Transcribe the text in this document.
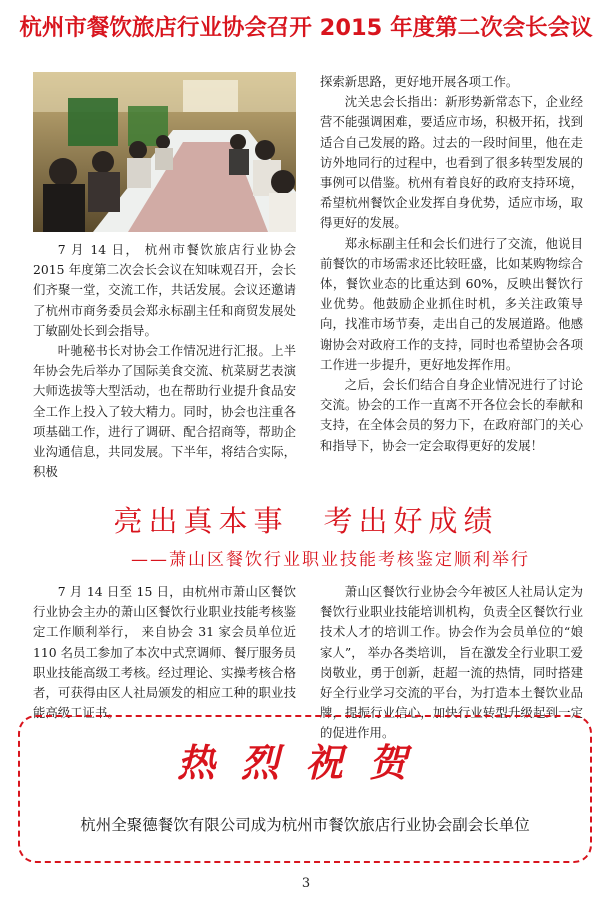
杭州市餐饮旅店行业协会召开 2015 年度第二次会长会议

7 月 14 日， 杭州市餐饮旅店行业协会 2015 年度第二次会长会议在知味观召开，会长们齐聚一堂，交流工作，共话发展。会议还邀请了杭州市商务委员会郑永标副主任和商贸发展处丁敏副处长到会指导。

叶驰秘书长对协会工作情况进行汇报。上半年协会先后举办了国际美食交流、杭菜厨艺表演大师选拔等大型活动，也在帮助行业提升食品安全工作上投入了较大精力。同时，协会也注重各项基础工作，进行了调研、配合招商等，帮助企业沟通信息，共同发展。下半年，将结合实际，积极

探索新思路，更好地开展各项工作。

沈关忠会长指出：新形势新常态下，企业经营不能强调困难，要适应市场，积极开拓，找到适合自己发展的路。过去的一段时间里，他在走访外地同行的过程中，也看到了很多转型发展的事例可以借鉴。杭州有着良好的政府支持环境，希望杭州餐饮企业发挥自身优势，适应市场，取得更好的发展。

郑永标副主任和会长们进行了交流，他说目前餐饮的市场需求还比较旺盛，比如某购物综合体，餐饮业态的比重达到 60%，反映出餐饮行业优势。他鼓励企业抓住时机，多关注政策导向，找准市场节奏，走出自己的发展道路。他感谢协会对政府工作的支持，同时也希望协会各项工作进一步提升，更好地发挥作用。

之后，会长们结合自身企业情况进行了讨论交流。协会的工作一直离不开各位会长的奉献和支持，在全体会员的努力下，在政府部门的关心和指导下，协会一定会取得更好的发展！

亮出真本事　考出好成绩
——萧山区餐饮行业职业技能考核鉴定顺利举行

7 月 14 日至 15 日，由杭州市萧山区餐饮行业协会主办的萧山区餐饮行业职业技能考核鉴定工作顺利举行， 来自协会 31 家会员单位近 110 名员工参加了本次中式烹调师、餐厅服务员职业技能高级工考核。经过理论、实操考核合格者，可获得由区人社局颁发的相应工种的职业技能高级工证书。

萧山区餐饮行业协会今年被区人社局认定为餐饮行业职业技能培训机构，负责全区餐饮行业技术人才的培训工作。协会作为会员单位的“娘家人”， 举办各类培训， 旨在激发全行业职工爱岗敬业，勇于创新，赶超一流的热情，同时搭建好全行业学习交流的平台，为打造本土餐饮业品牌，提振行业信心，加快行业转型升级起到一定的促进作用。

热烈祝贺
杭州全聚德餐饮有限公司成为杭州市餐饮旅店行业协会副会长单位
3
